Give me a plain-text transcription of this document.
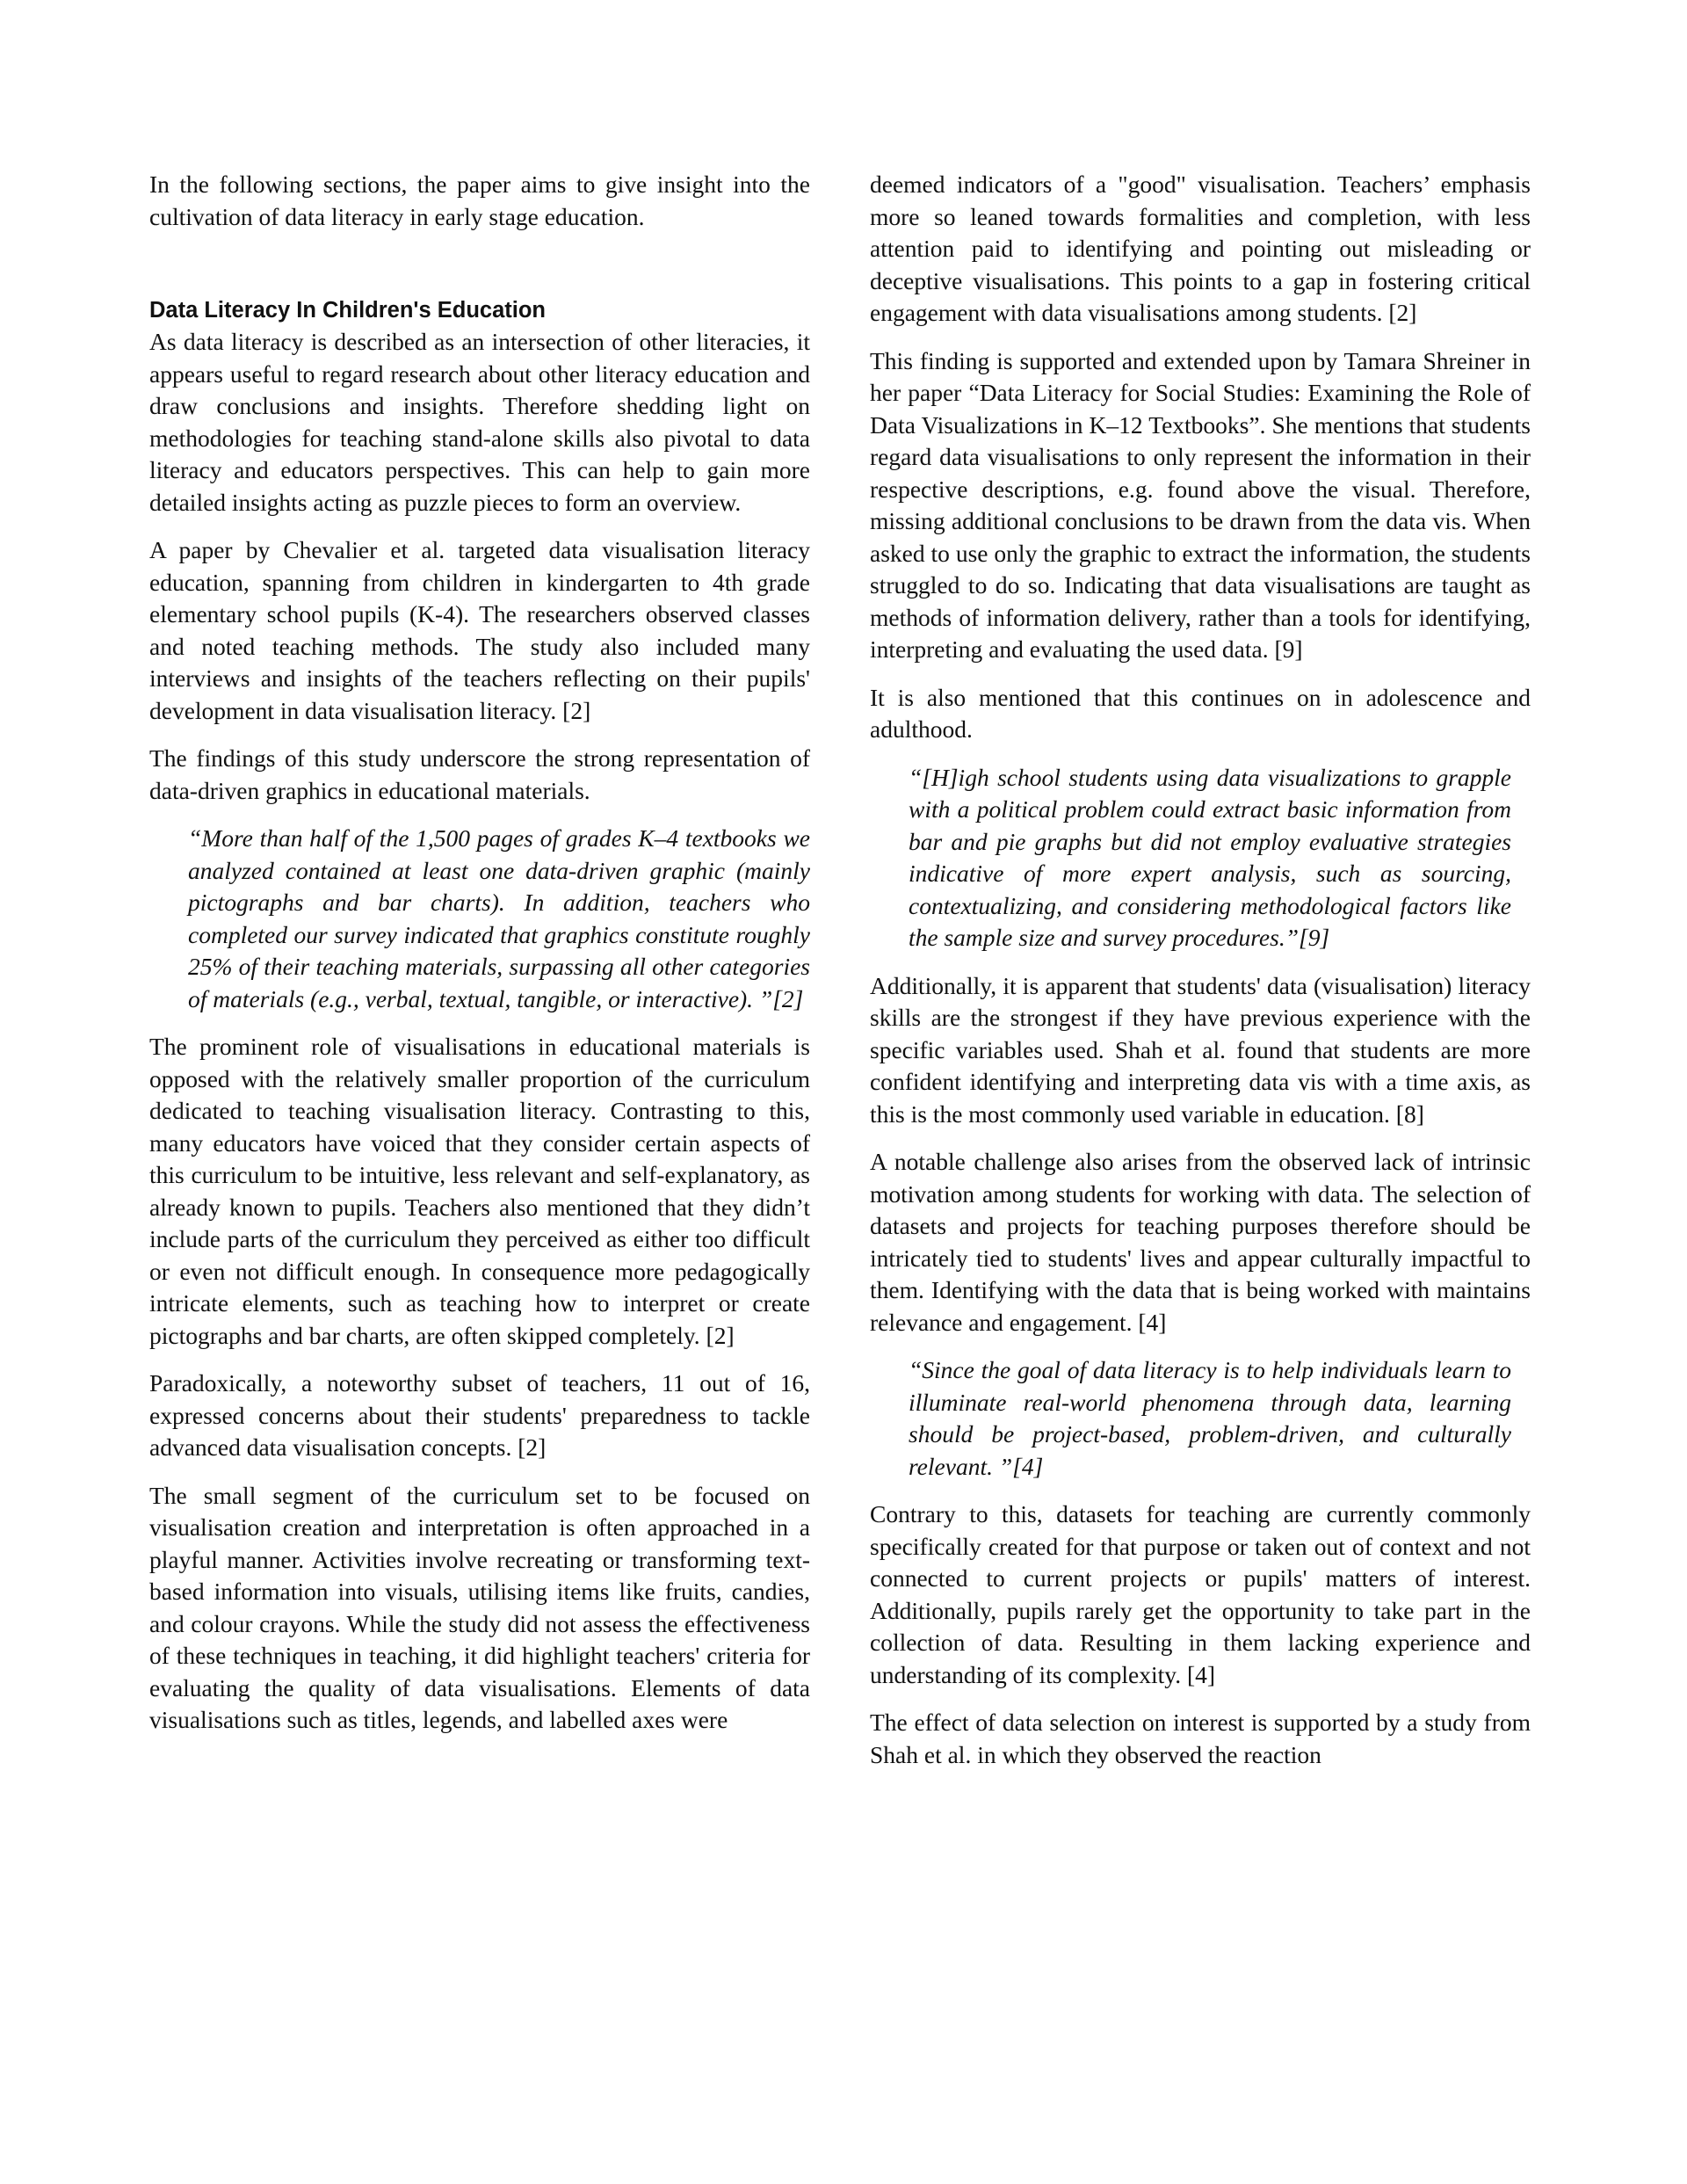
In the following sections, the paper aims to give insight into the cultivation of data literacy in early stage education.

Data Literacy In Children's Education

As data literacy is described as an intersection of other literacies, it appears useful to regard research about other literacy education and draw conclusions and insights. Therefore shedding light on methodologies for teaching stand-alone skills also pivotal to data literacy and educators perspectives. This can help to gain more detailed insights acting as puzzle pieces to form an overview.

A paper by Chevalier et al. targeted data visualisation literacy education, spanning from children in kindergarten to 4th grade elementary school pupils (K-4). The researchers observed classes and noted teaching methods. The study also included many interviews and insights of the teachers reflecting on their pupils' development in data visualisation literacy. [2]

The findings of this study underscore the strong representation of data-driven graphics in educational materials.

“More than half of the 1,500 pages of grades K–4 textbooks we analyzed contained at least one data-driven graphic (mainly pictographs and bar charts). In addition, teachers who completed our survey indicated that graphics constitute roughly 25% of their teaching materials, surpassing all other categories of materials (e.g., verbal, textual, tangible, or interactive). ”[2]

The prominent role of visualisations in educational materials is opposed with the relatively smaller proportion of the curriculum dedicated to teaching visualisation literacy. Contrasting to this, many educators have voiced that they consider certain aspects of this curriculum to be intuitive, less relevant and self-explanatory, as already known to pupils. Teachers also mentioned that they didn’t include parts of the curriculum they perceived as either too difficult or even not difficult enough. In consequence more pedagogically intricate elements, such as teaching how to interpret or create pictographs and bar charts, are often skipped completely. [2]

Paradoxically, a noteworthy subset of teachers, 11 out of 16, expressed concerns about their students' preparedness to tackle advanced data visualisation concepts. [2]

The small segment of the curriculum set to be focused on visualisation creation and interpretation is often approached in a playful manner. Activities involve recreating or transforming text-based information into visuals, utilising items like fruits, candies, and colour crayons. While the study did not assess the effectiveness of these techniques in teaching, it did highlight teachers' criteria for evaluating the quality of data visualisations. Elements of data visualisations such as titles, legends, and labelled axes were

deemed indicators of a "good" visualisation. Teachers’ emphasis more so leaned towards formalities and completion, with less attention paid to identifying and pointing out misleading or deceptive visualisations. This points to a gap in fostering critical engagement with data visualisations among students. [2]

This finding is supported and extended upon by Tamara Shreiner in her paper “Data Literacy for Social Studies: Examining the Role of Data Visualizations in K–12 Textbooks”. She mentions that students regard data visualisations to only represent the information in their respective descriptions, e.g. found above the visual. Therefore, missing additional conclusions to be drawn from the data vis. When asked to use only the graphic to extract the information, the students struggled to do so. Indicating that data visualisations are taught as methods of information delivery, rather than a tools for identifying, interpreting and evaluating the used data. [9]

It is also mentioned that this continues on in adolescence and adulthood.

“[H]igh school students using data visualizations to grapple with a political problem could extract basic information from bar and pie graphs but did not employ evaluative strategies indicative of more expert analysis, such as sourcing, contextualizing, and considering methodological factors like the sample size and survey procedures.”[9]

Additionally, it is apparent that students' data (visualisation) literacy skills are the strongest if they have previous experience with the specific variables used. Shah et al. found that students are more confident identifying and interpreting data vis with a time axis, as this is the most commonly used variable in education. [8]

A notable challenge also arises from the observed lack of intrinsic motivation among students for working with data. The selection of datasets and projects for teaching purposes therefore should be intricately tied to students' lives and appear culturally impactful to them. Identifying with the data that is being worked with maintains relevance and engagement. [4]

“Since the goal of data literacy is to help individuals learn to illuminate real-world phenomena through data, learning should be project-based, problem-driven, and culturally relevant. ”[4]

Contrary to this, datasets for teaching are currently commonly specifically created for that purpose or taken out of context and not connected to current projects or pupils' matters of interest. Additionally, pupils rarely get the opportunity to take part in the collection of data. Resulting in them lacking experience and understanding of its complexity. [4]

The effect of data selection on interest is supported by a study from Shah et al. in which they observed the reaction
